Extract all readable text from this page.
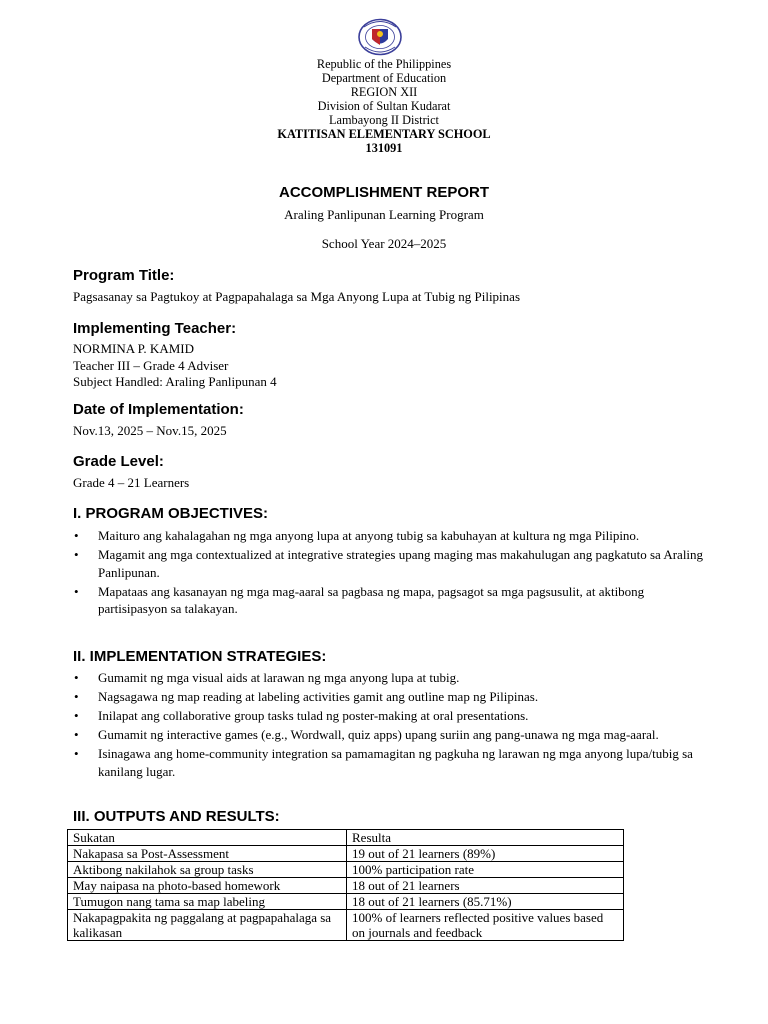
Republic of the Philippines
Department of Education
REGION XII
Division of Sultan Kudarat
Lambayong II District
KATITISAN ELEMENTARY SCHOOL
131091
ACCOMPLISHMENT REPORT
Araling Panlipunan Learning Program
School Year 2024–2025
Program Title:
Pagsasanay sa Pagtukoy at Pagpapahalaga sa Mga Anyong Lupa at Tubig ng Pilipinas
Implementing Teacher:
NORMINA P. KAMID
Teacher III – Grade 4 Adviser
Subject Handled: Araling Panlipunan 4
Date of Implementation:
Nov.13, 2025 – Nov.15, 2025
Grade Level:
Grade 4 – 21 Learners
I. PROGRAM OBJECTIVES:
• Maituro ang kahalagahan ng mga anyong lupa at anyong tubig sa kabuhayan at kultura ng mga Pilipino.
• Magamit ang mga contextualized at integrative strategies upang maging mas makahulugan ang pagkatuto sa Araling Panlipunan.
• Mapataas ang kasanayan ng mga mag-aaral sa pagbasa ng mapa, pagsagot sa mga pagsusulit, at aktibong partisipasyon sa talakayan.
II. IMPLEMENTATION STRATEGIES:
• Gumamit ng mga visual aids at larawan ng mga anyong lupa at tubig.
• Nagsagawa ng map reading at labeling activities gamit ang outline map ng Pilipinas.
• Inilapat ang collaborative group tasks tulad ng poster-making at oral presentations.
• Gumamit ng interactive games (e.g., Wordwall, quiz apps) upang suriin ang pang-unawa ng mga mag-aaral.
• Isinagawa ang home-community integration sa pamamagitan ng pagkuha ng larawan ng mga anyong lupa/tubig sa kanilang lugar.
III. OUTPUTS AND RESULTS:
Sukatan	Resulta
Nakapasa sa Post-Assessment	19 out of 21 learners (89%)
Aktibong nakilahok sa group tasks	100% participation rate
May naipasa na photo-based homework	18 out of 21 learners
Tumugon nang tama sa map labeling	18 out of 21 learners (85.71%)
Nakapagpakita ng paggalang at pagpapahalaga sa kalikasan	100% of learners reflected positive values based on journals and feedback
